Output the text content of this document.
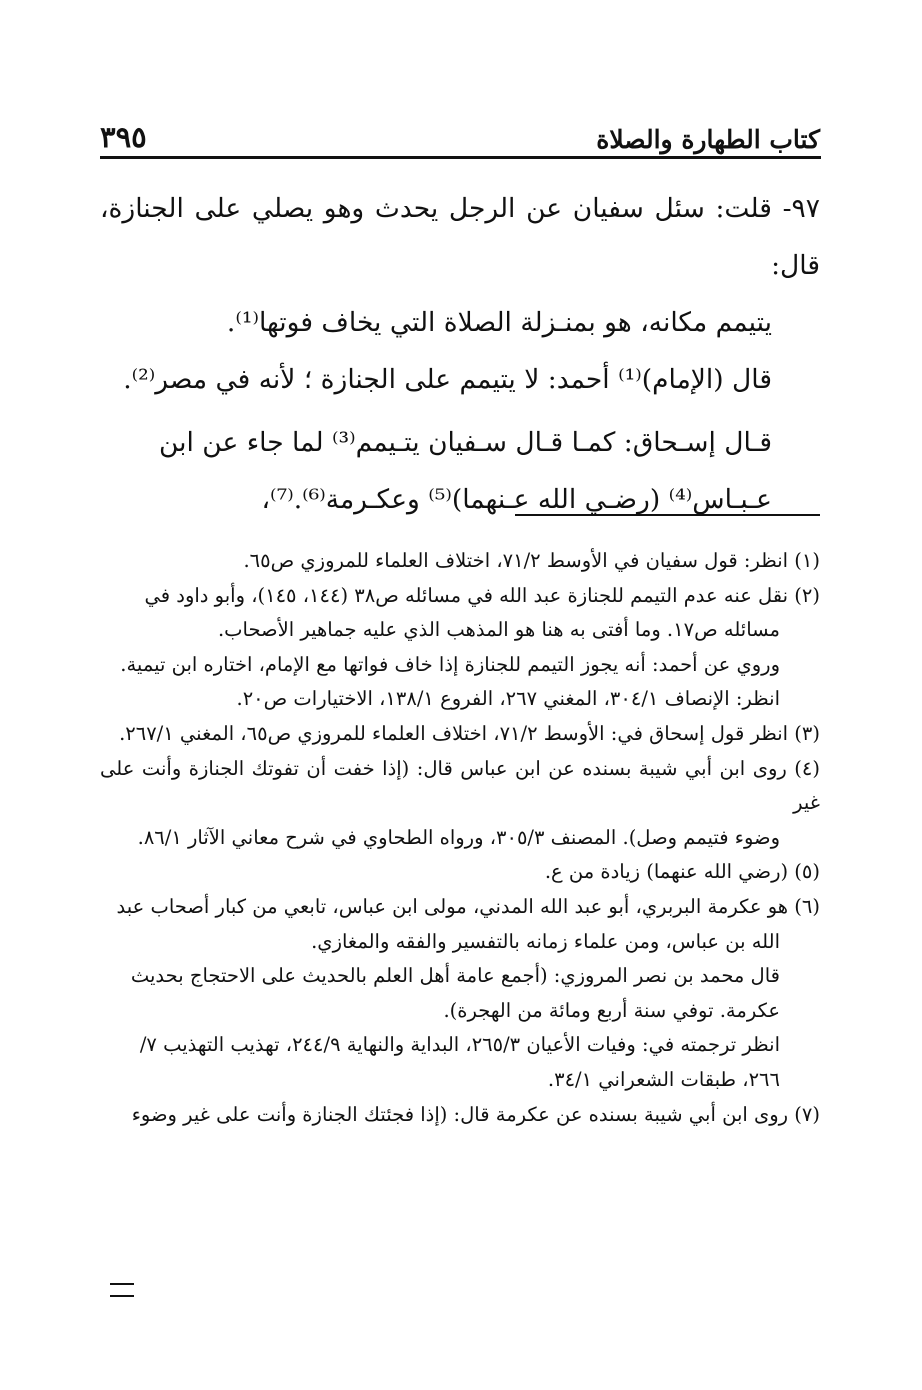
كتاب الطهارة والصلاة
٣٩٥

٩٧- قلت: سئل سفيان عن الرجل يحدث وهو يصلي على الجنازة، قال:

يتيمم مكانه، هو بمنـزلة الصلاة التي يخاف فوتها⁽¹⁾.

قال (الإمام)⁽¹⁾ أحمد: لا يتيمم على الجنازة ؛ لأنه في مصر⁽²⁾.

قـال إسـحاق: كمـا قـال سـفيان يتـيمم⁽³⁾ لما جاء عن ابن

عـبـاس⁽⁴⁾ (رضـي الله عـنهما)⁽⁵⁾ وعكـرمة⁽⁶⁾.⁽⁷⁾،

(١) انظر: قول سفيان في الأوسط ٧١/٢، اختلاف العلماء للمروزي ص٦٥.

(٢) نقل عنه عدم التيمم للجنازة عبد الله في مسائله ص٣٨ (١٤٤، ١٤٥)، وأبو داود في

مسائله ص١٧. وما أفتى به هنا هو المذهب الذي عليه جماهير الأصحاب.

وروي عن أحمد: أنه يجوز التيمم للجنازة إذا خاف فواتها مع الإمام، اختاره ابن تيمية.

انظر: الإنصاف ٣٠٤/١، المغني ٢٦٧، الفروع ١٣٨/١، الاختيارات ص٢٠.

(٣) انظر قول إسحاق في: الأوسط ٧١/٢، اختلاف العلماء للمروزي ص٦٥، المغني ٢٦٧/١.

(٤) روى ابن أبي شيبة بسنده عن ابن عباس قال: (إذا خفت أن تفوتك الجنازة وأنت على غير

وضوء فتيمم وصل). المصنف ٣٠٥/٣، ورواه الطحاوي في شرح معاني الآثار ٨٦/١.

(٥) (رضي الله عنهما) زيادة من ع.

(٦) هو عكرمة البربري، أبو عبد الله المدني، مولى ابن عباس، تابعي من كبار أصحاب عبد

الله بن عباس، ومن علماء زمانه بالتفسير والفقه والمغازي.

قال محمد بن نصر المروزي: (أجمع عامة أهل العلم بالحديث على الاحتجاج بحديث

عكرمة. توفي سنة أربع ومائة من الهجرة).

انظر ترجمته في: وفيات الأعيان ٢٦٥/٣، البداية والنهاية ٢٤٤/٩، تهذيب التهذيب ٧/

٢٦٦، طبقات الشعراني ٣٤/١.

(٧) روى ابن أبي شيبة بسنده عن عكرمة قال: (إذا فجئتك الجنازة وأنت على غير وضوء
